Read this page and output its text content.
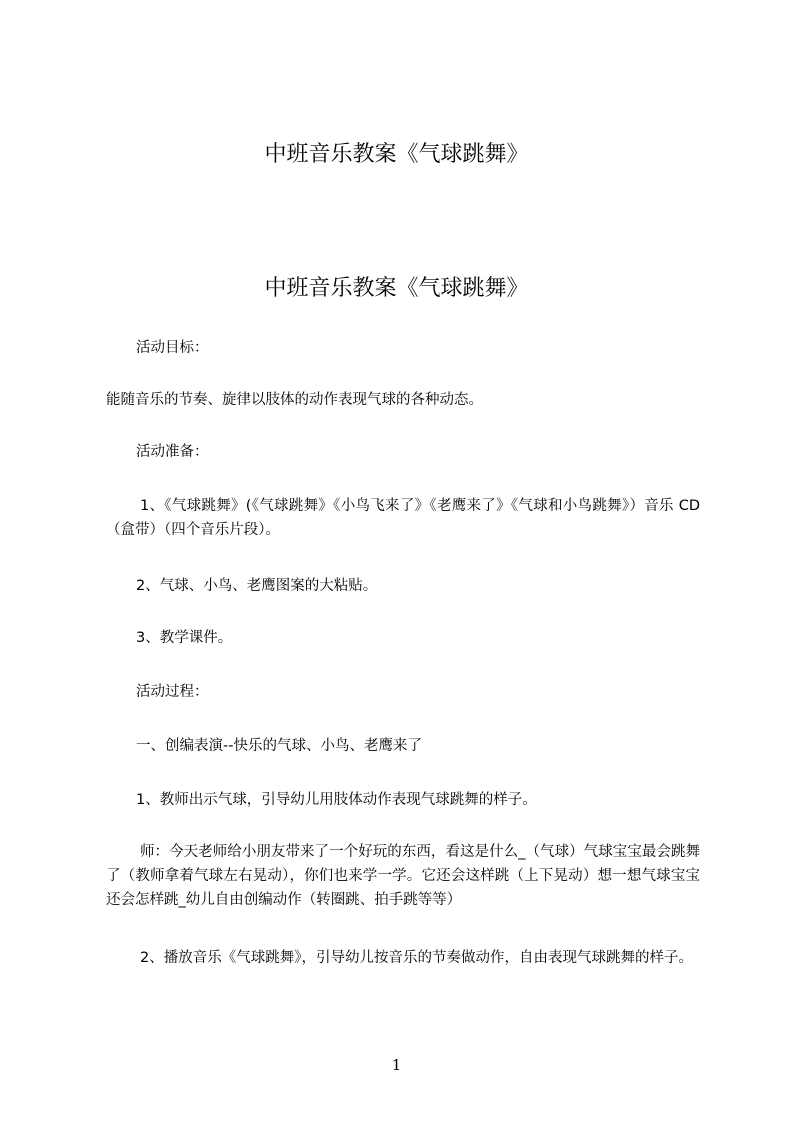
中班音乐教案《气球跳舞》
中班音乐教案《气球跳舞》
活动目标：
能随音乐的节奏、旋律以肢体的动作表现气球的各种动态。
活动准备：
1、《气球跳舞》(《气球跳舞》《小鸟飞来了》《老鹰来了》《气球和小鸟跳舞》）音乐 CD（盒带）（四个音乐片段）。
2、气球、小鸟、老鹰图案的大粘贴。
3、教学课件。
活动过程：
一、创编表演--快乐的气球、小鸟、老鹰来了
1、教师出示气球，引导幼儿用肢体动作表现气球跳舞的样子。
师：今天老师给小朋友带来了一个好玩的东西，看这是什么_（气球）气球宝宝最会跳舞了（教师拿着气球左右晃动），你们也来学一学。它还会这样跳（上下晃动）想一想气球宝宝还会怎样跳_幼儿自由创编动作（转圈跳、拍手跳等等）
2、播放音乐《气球跳舞》，引导幼儿按音乐的节奏做动作，自由表现气球跳舞的样子。
1
